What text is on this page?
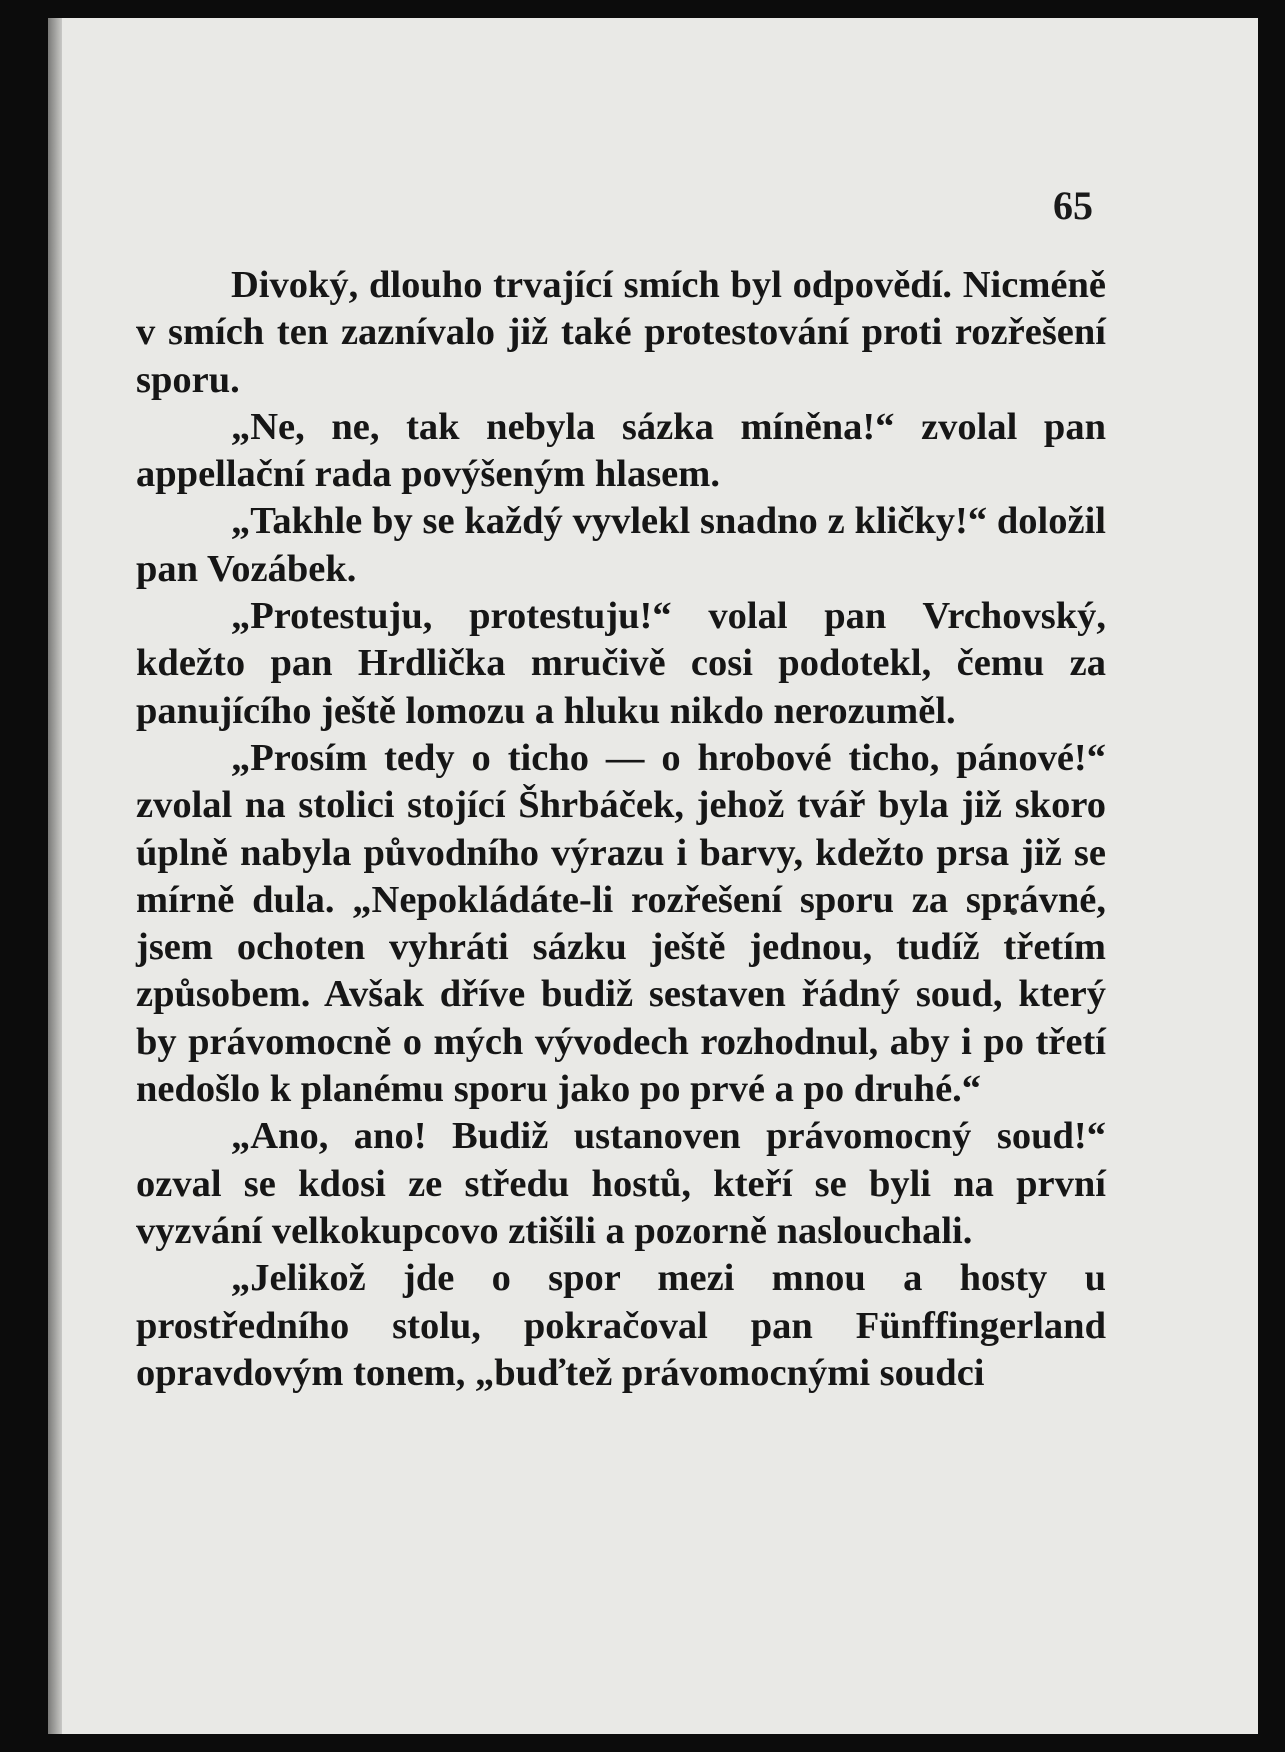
65

Divoký, dlouho trvající smích byl odpovědí. Nicméně v smích ten zaznívalo již také protestování proti rozřešení sporu.

„Ne, ne, tak nebyla sázka míněna!“ zvolal pan appellační rada povýšeným hlasem.

„Takhle by se každý vyvlekl snadno z kličky!“ doložil pan Vozábek.

„Protestuju, protestuju!“ volal pan Vrchovský, kdežto pan Hrdlička mručivě cosi podotekl, čemu za panujícího ještě lomozu a hluku nikdo nerozuměl.

„Prosím tedy o ticho — o hrobové ticho, pánové!“ zvolal na stolici stojící Šhrbáček, jehož tvář byla již skoro úplně nabyla původního výrazu i barvy, kdežto prsa již se mírně dula. „Nepokládáte-li rozřešení sporu za správné, jsem ochoten vyhráti sázku ještě jednou, tudíž třetím způsobem. Avšak dříve budiž sestaven řádný soud, který by právomocně o mých vývodech rozhodnul, aby i po třetí nedošlo k planému sporu jako po prvé a po druhé.“

„Ano, ano! Budiž ustanoven právomocný soud!“ ozval se kdosi ze středu hostů, kteří se byli na první vyzvání velkokupcovo ztišili a pozorně naslouchali.

„Jelikož jde o spor mezi mnou a hosty u prostředního stolu, pokračoval pan Fünffingerland opravdovým tonem, „buďtež právomocnými soudci
